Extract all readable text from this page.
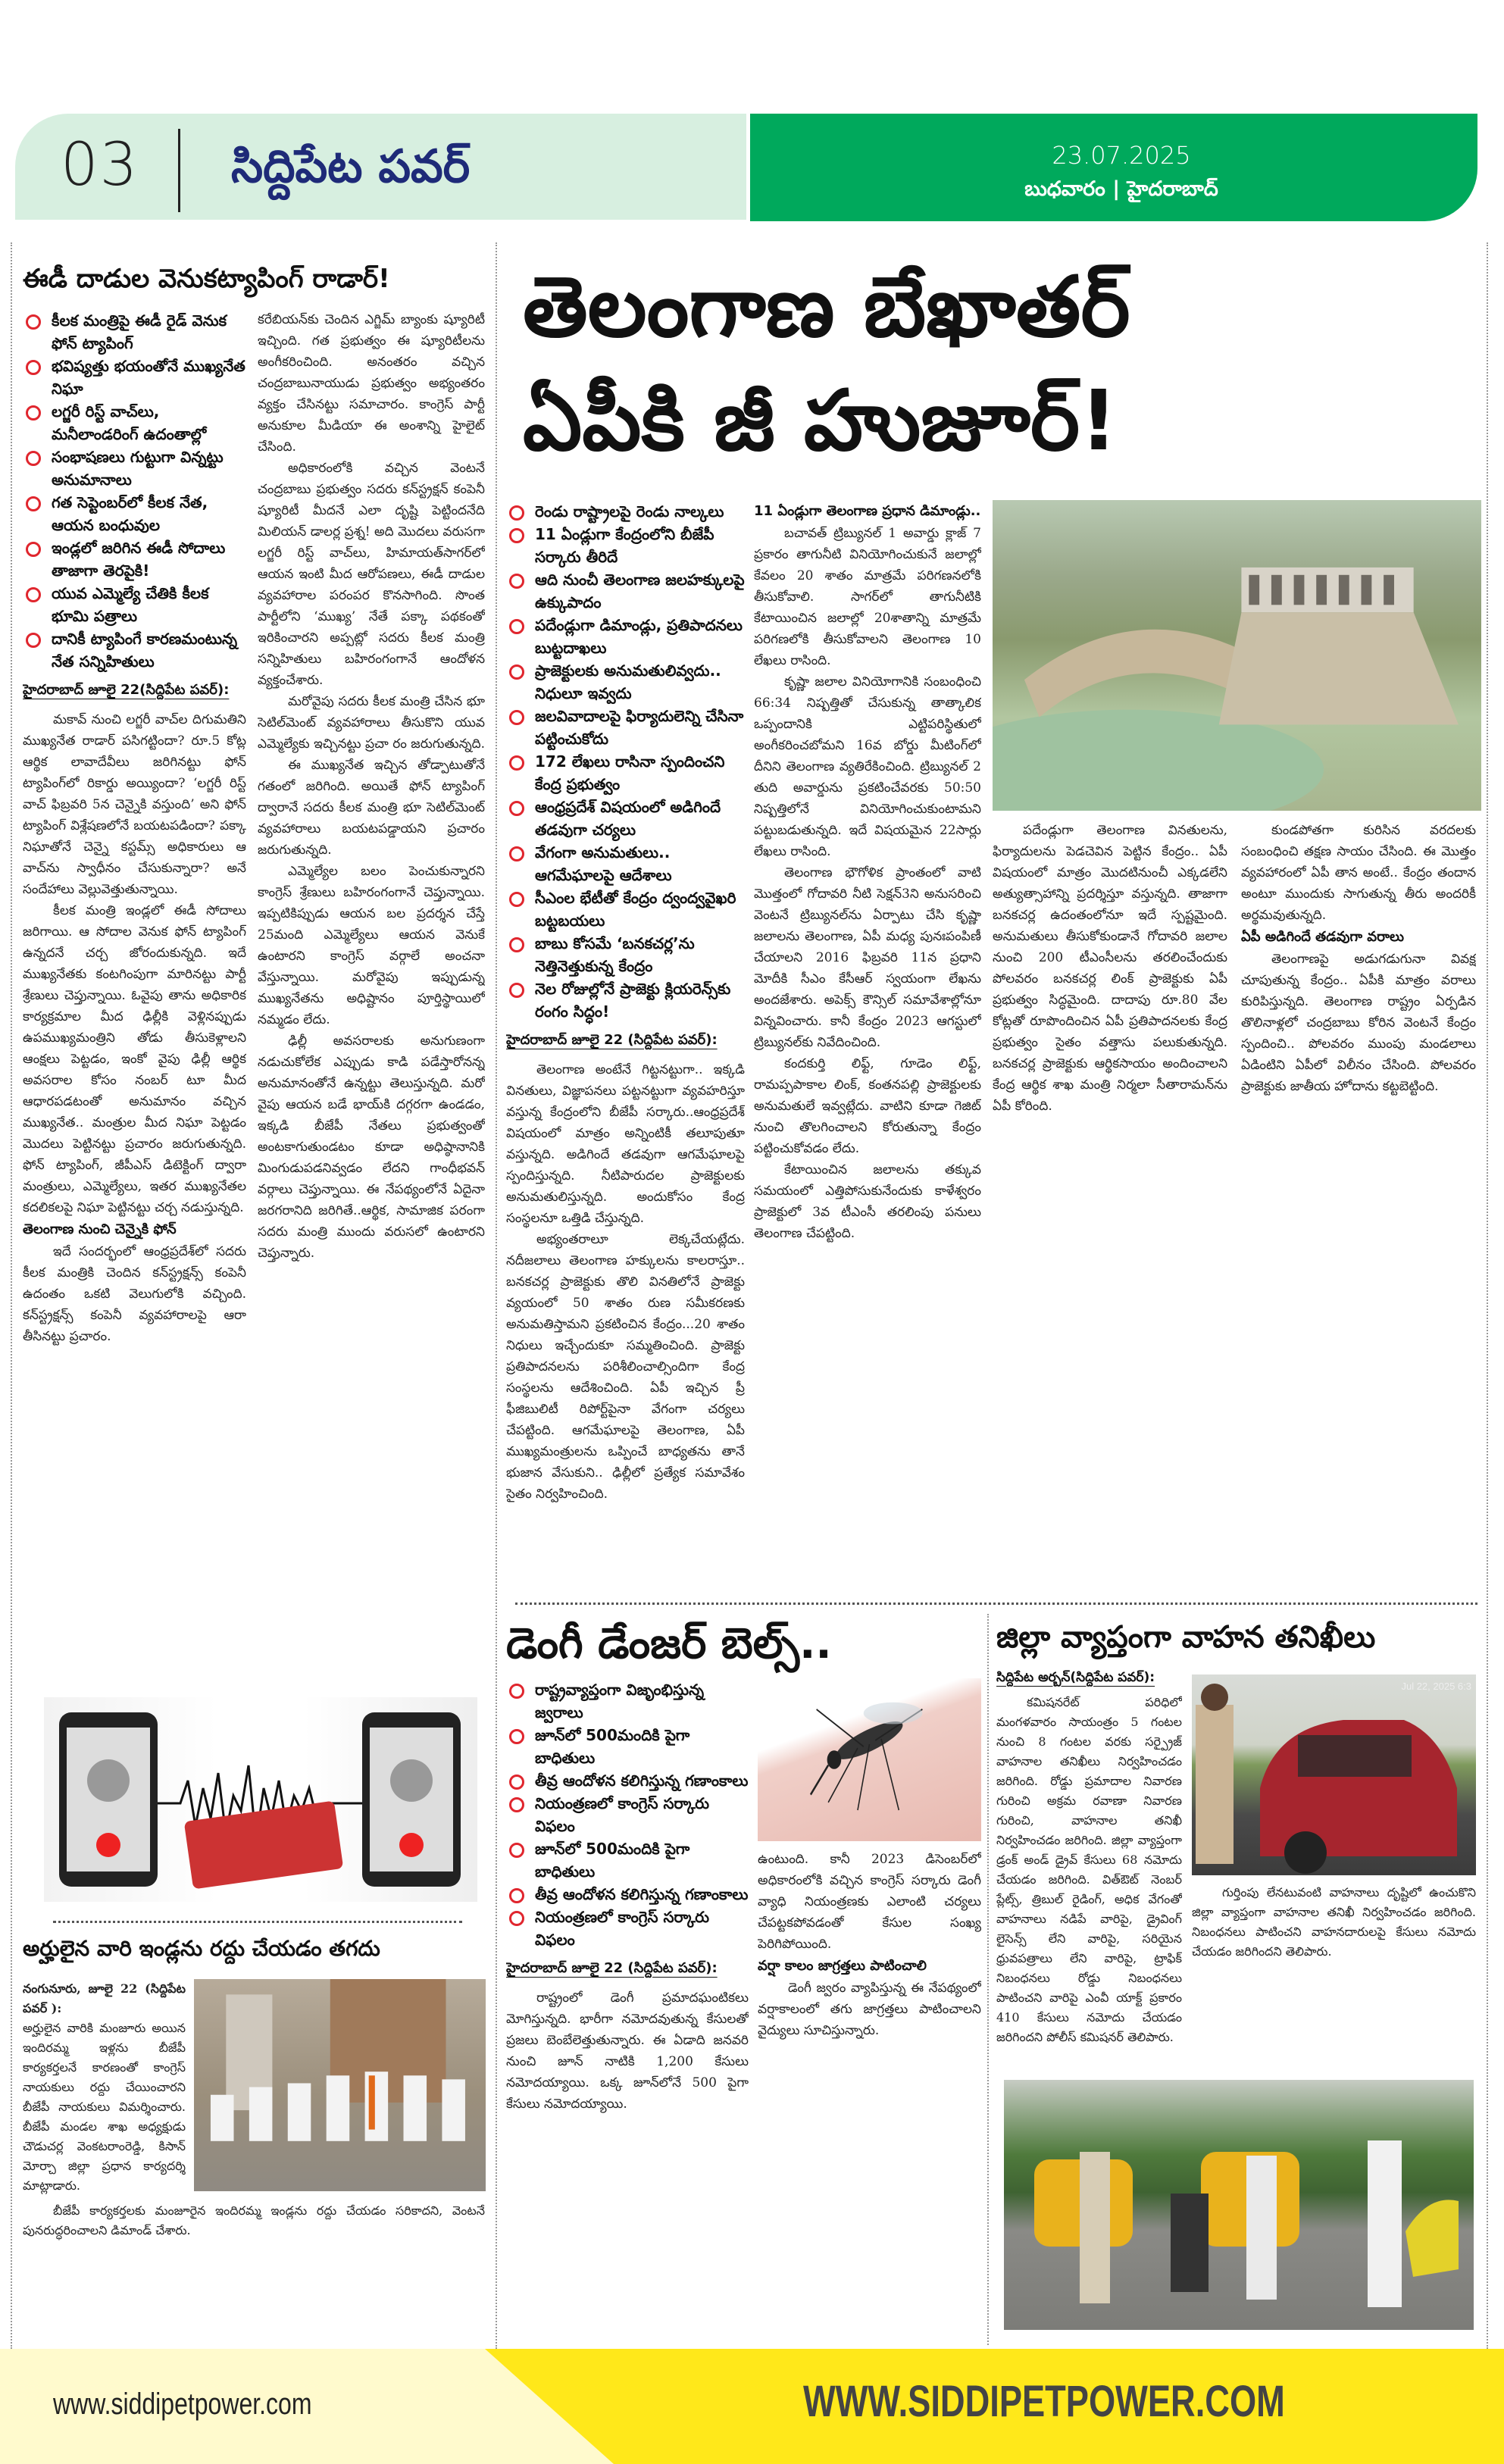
03 సిద్దిపేట పవర్	23.07.2025
బుధవారం | హైదరాబాద్
ఈడీ దాడుల వెనుకట్యాపింగ్ రాడార్!
కీలక మంత్రిపై ఈడీ రైడ్ వెనుక ఫోన్ ట్యాపింగ్
భవిష్యత్తు భయంతోనే ముఖ్యనేత నిఘా
లగ్జరీ రిస్ట్ వాచ్‌లు, మనీలాండరింగ్ ఉదంతాల్లో
సంభాషణలు గుట్టుగా విన్నట్టు అనుమానాలు
గత సెప్టెంబర్‌లో కీలక నేత, ఆయన బంధువుల
ఇండ్లలో జరిగిన ఈడీ సోదాలు తాజాగా తెరపైకి!
యువ ఎమ్మెల్యే చేతికి కీలక భూమి పత్రాలు
దానికీ ట్యాపింగే కారణమంటున్న నేత సన్నిహితులు
హైదరాబాద్ జూలై 22(సిద్దిపేట పవర్):

మకావ్ నుంచి లగ్జరీ వాచ్‌ల దిగుమతిని ముఖ్యనేత రాడార్ పసిగట్టిందా? రూ.5 కోట్ల ఆర్థిక లావాదేవీలు జరిగినట్టు ఫోన్ ట్యాపింగ్‌లో రికార్డు అయ్యిందా? ‘లగ్జరీ రిస్ట్ వాచ్ ఫిబ్రవరి 5న చెన్నైకి వస్తుంది’ అని ఫోన్ ట్యాపింగ్ విశ్లేషణలోనే బయటపడిందా? పక్కా నిఘాతోనే చెన్నై కస్టమ్స్ అధికారులు ఆ వాచ్‌ను స్వాధీనం చేసుకున్నారా? అనే సందేహాలు వెల్లువెత్తుతున్నాయి.

కీలక మంత్రి ఇండ్లలో ఈడీ సోదాలు జరిగాయి. ఆ సోదాల వెనుక ఫోన్ ట్యాపింగ్ ఉన్నదనే చర్చ జోరందుకున్నది. ఇదే ముఖ్యనేతకు కంటగింపుగా మారినట్టు పార్టీ శ్రేణులు చెప్తున్నాయి. ఓవైపు తాను అధికారిక కార్యక్రమాల మీద ఢిల్లీకి వెళ్లినప్పుడు ఉపముఖ్యమంత్రిని తోడు తీసుకెళ్లాలని ఆంక్షలు పెట్టడం, ఇంకో వైపు ఢిల్లీ ఆర్థిక అవసరాల కోసం నంబర్ టూ మీద ఆధారపడటంతో అనుమానం వచ్చిన ముఖ్యనేత.. మంత్రుల మీద నిఘా పెట్టడం మొదలు పెట్టినట్టు ప్రచారం జరుగుతున్నది. ఫోన్ ట్యాపింగ్, జీపీఎస్ డిటెక్టింగ్ ద్వారా మంత్రులు, ఎమ్మెల్యేలు, ఇతర ముఖ్యనేతల కదలికలపై నిఘా పెట్టినట్టు చర్చ నడుస్తున్నది.

తెలంగాణ నుంచి చెన్నైకి ఫోన్

ఇదే సందర్భంలో ఆంధ్రప్రదేశ్‌లో సదరు కీలక మంత్రికి చెందిన కన్‌స్ట్రక్షన్స్ కంపెనీ ఉదంతం ఒకటి వెలుగులోకి వచ్చింది. కన్‌స్ట్రక్షన్స్ కంపెనీ వ్యవహారాలపై ఆరా తీసినట్టు ప్రచారం.

కరేబియన్‌కు చెందిన ఎగ్జిమ్ బ్యాంకు ష్యూరిటీ ఇచ్చింది. గత ప్రభుత్వం ఈ ష్యూరిటీలను అంగీకరించింది. అనంతరం వచ్చిన చంద్రబాబునాయుడు ప్రభుత్వం అభ్యంతరం వ్యక్తం చేసినట్టు సమాచారం. కాంగ్రెస్ పార్టీ అనుకూల మీడియా ఈ అంశాన్ని హైలైట్ చేసింది.

అధికారంలోకి వచ్చిన వెంటనే చంద్రబాబు ప్రభుత్వం సదరు కన్‌స్ట్రక్షన్ కంపెనీ ష్యూరిటీ మీదనే ఎలా దృష్టి పెట్టిందనేది మిలియన్ డాలర్ల ప్రశ్న! అది మొదలు వరుసగా లగ్జరీ రిస్ట్ వాచ్‌లు, హిమాయత్‌సాగర్‌లో ఆయన ఇంటి మీద ఆరోపణలు, ఈడీ దాడుల వ్యవహారాల పరంపర కొనసాగింది. సొంత పార్టీలోని ‘ముఖ్య’ నేతే పక్కా పథకంతో ఇరికించారని అప్పట్లో సదరు కీలక మంత్రి సన్నిహితులు బహిరంగంగానే ఆందోళన వ్యక్తంచేశారు.

మరోవైపు సదరు కీలక మంత్రి చేసిన భూ సెటిల్‌మెంట్ వ్యవహారాలు తీసుకొని యువ ఎమ్మెల్యేకు ఇచ్చినట్టు ప్రచా రం జరుగుతున్నది.

ఈ ముఖ్యనేత ఇచ్చిన తోడ్పాటుతోనే గతంలో జరిగింది. అయితే ఫోన్ ట్యాపింగ్ ద్వారానే సదరు కీలక మంత్రి భూ సెటిల్‌మెంట్ వ్యవహారాలు బయటపడ్డాయని ప్రచారం జరుగుతున్నది.

ఎమ్మెల్యేల బలం పెంచుకున్నారని కాంగ్రెస్ శ్రేణులు బహిరంగంగానే చెప్తున్నాయి. ఇప్పటికిప్పుడు ఆయన బల ప్రదర్శన చేస్తే 25మంది ఎమ్మెల్యేలు ఆయన వెనుకే ఉంటారని కాంగ్రెస్ వర్గాలే అంచనా వేస్తున్నాయి. మరోవైపు ఇప్పుడున్న ముఖ్యనేతను అధిష్టానం పూర్తిస్థాయిలో నమ్మడం లేదు.

ఢిల్లీ అవసరాలకు అనుగుణంగా నడుచుకోలేక ఎప్పుడు కాడి పడేస్తారోనన్న అనుమానంతోనే ఉన్నట్టు తెలుస్తున్నది. మరో వైపు ఆయన బడే భాయ్‌కి దగ్గరగా ఉండడం, ఇక్కడి బీజేపీ నేతలు ప్రభుత్వంతో అంటకాగుతుండటం కూడా అధిష్ఠానానికి మింగుడుపడనివ్వడం లేదని గాంధీభవన్ వర్గాలు చెప్తున్నాయి. ఈ నేపథ్యంలోనే ఏదైనా జరగరానిది జరిగితే..ఆర్థిక, సామాజిక పరంగా సదరు మంత్రి ముందు వరుసలో ఉంటారని చెప్తున్నారు.

అర్హులైన వారి ఇండ్లను రద్దు చేయడం తగదు

నంగునూరు, జూలై 22 (సిద్దిపేట పవర్ ):

అర్హులైన వారికి మంజూరు అయిన ఇందిరమ్మ ఇళ్లను బీజేపీ కార్యకర్తలనే కారణంతో కాంగ్రెస్ నాయకులు రద్దు చేయించారని బీజేపీ నాయకులు విమర్శించారు. బీజేపీ మండల శాఖ అధ్యక్షుడు చౌడుచర్ల వెంకటరాంరెడ్డి, కిసాన్ మోర్చా జిల్లా ప్రధాన కార్యదర్శి మాట్లాడారు.

బీజేపీ కార్యకర్తలకు మంజూరైన ఇందిరమ్మ ఇండ్లను రద్దు చేయడం సరికాదని, వెంటనే పునరుద్ధరించాలని డిమాండ్ చేశారు.

తెలంగాణ బేఖాతర్
ఏపీకి జీ హుజూర్!
రెండు రాష్ట్రాలపై రెండు నాల్కలు
11 ఏండ్లుగా కేంద్రంలోని బీజేపీ సర్కారు తీరిదే
ఆది నుంచీ తెలంగాణ జలహక్కులపై ఉక్కుపాదం
పదేండ్లుగా డిమాండ్లు, ప్రతిపాదనలు బుట్టదాఖలు
ప్రాజెక్టులకు అనుమతులివ్వదు.. నిధులూ ఇవ్వదు
జలవివాదాలపై ఫిర్యాదులెన్ని చేసినా పట్టించుకోదు
172 లేఖలు రాసినా స్పందించని కేంద్ర ప్రభుత్వం
ఆంధ్రప్రదేశ్ విషయంలో అడిగిందే తడవుగా చర్యలు
వేగంగా అనుమతులు.. ఆగమేఘాలపై ఆదేశాలు
సీఎంల భేటీతో కేంద్రం ద్వంద్వవైఖరి బట్టబయలు
బాబు కోసమే ‘బనకచర్ల’ను నెత్తినెత్తుకున్న కేంద్రం
నెల రోజుల్లోనే ప్రాజెక్టు క్లియరెన్స్‌కు రంగం సిద్ధం!
హైదరాబాద్ జూలై 22 (సిద్దిపేట పవర్):

తెలంగాణ అంటేనే గిట్టనట్టుగా.. ఇక్కడి వినతులు, విజ్ఞాపనలు పట్టనట్టుగా వ్యవహరిస్తూ వస్తున్న కేంద్రంలోని బీజేపీ సర్కారు..ఆంధ్రప్రదేశ్ విషయంలో మాత్రం అన్నింటికీ తలూపుతూ వస్తున్నది. అడిగిందే తడవుగా ఆగమేఘాలపై స్పందిస్తున్నది. నీటిపారుదల ప్రాజెక్టులకు అనుమతులిస్తున్నది. అందుకోసం కేంద్ర సంస్థలనూ ఒత్తిడి చేస్తున్నది.

అభ్యంతరాలూ లెక్కచేయట్లేదు. నదీజలాలు తెలంగాణ హక్కులను కాలరాస్తూ.. బనకచర్ల ప్రాజెక్టుకు తొలి వినతిలోనే ప్రాజెక్టు వ్యయంలో 50 శాతం రుణ సమీకరణకు అనుమతిస్తామని ప్రకటించిన కేంద్రం...20 శాతం నిధులు ఇచ్చేందుకూ సమ్మతించింది. ప్రాజెక్టు ప్రతిపాదనలను పరిశీలించాల్సిందిగా కేంద్ర సంస్థలను ఆదేశించింది. ఏపీ ఇచ్చిన ప్రీ ఫీజిబులిటీ రిపోర్ట్‌పైనా వేగంగా చర్యలు చేపట్టింది. ఆగమేఘాలపై తెలంగాణ, ఏపీ ముఖ్యమంత్రులను ఒప్పించే బాధ్యతను తానే భుజాన వేసుకుని.. ఢిల్లీలో ప్రత్యేక సమావేశం సైతం నిర్వహించింది.

11 ఏండ్లుగా తెలంగాణ ప్రధాన డిమాండ్లు..

బచావత్ ట్రిబ్యునల్ 1 అవార్డు క్లాజ్ 7 ప్రకారం తాగునీటి వినియోగించుకునే జలాల్లో కేవలం 20 శాతం మాత్రమే పరిగణనలోకి తీసుకోవాలి. సాగర్‌లో తాగునీటికి కేటాయించిన జలాల్లో 20శాతాన్ని మాత్రమే పరిగణలోకి తీసుకోవాలని తెలంగాణ 10 లేఖలు రాసింది.

కృష్ణా జలాల వినియోగానికి సంబంధించి 66:34 నిష్పత్తితో చేసుకున్న తాత్కాలిక ఒప్పందానికి ఎట్టిపరిస్థితులో అంగీకరించబోమని 16వ బోర్డు మీటింగ్‌లో దీనిని తెలంగాణ వ్యతిరేకించింది. ట్రిబ్యునల్ 2 తుది అవార్డును ప్రకటించేవరకు 50:50 నిష్పత్తిలోనే వినియోగించుకుంటామని పట్టుబడుతున్నది. ఇదే విషయమైన 22సార్లు లేఖలు రాసింది.

తెలంగాణ భౌగోళిక ప్రాంతంలో వాటి మొత్తంలో గోదావరి నీటి సెక్షన్3ని అనుసరించి వెంటనే ట్రిబ్యునల్‌ను ఏర్పాటు చేసి కృష్ణా జలాలను తెలంగాణ, ఏపీ మధ్య పునఃపంపిణీ చేయాలని 2016 ఫిబ్రవరి 11న ప్రధాని మోదీకి సీఎం కేసీఆర్ స్వయంగా లేఖను అందజేశారు. అపెక్స్ కౌన్సిల్ సమావేశాల్లోనూ విన్నవించారు. కానీ కేంద్రం 2023 ఆగస్టులో ట్రిబ్యునల్‌కు నివేదించింది.

కందకుర్తి లిఫ్ట్, గూడెం లిఫ్ట్, రామప్పపాకాల లింక్, కంతనపల్లి ప్రాజెక్టులకు అనుమతులే ఇవ్వట్లేదు. వాటిని కూడా గెజిట్ నుంచి తొలగించాలని కోరుతున్నా కేంద్రం పట్టించుకోవడం లేదు.

కేటాయించిన జలాలను తక్కువ సమయంలో ఎత్తిపోసుకునేందుకు కాళేశ్వరం ప్రాజెక్టులో 3వ టీఎంసీ తరలింపు పనులు తెలంగాణ చేపట్టింది.

పదేండ్లుగా తెలంగాణ వినతులను, ఫిర్యాదులను పెడచెవిన పెట్టిన కేంద్రం.. ఏపీ విషయంలో మాత్రం మొదటినుంచీ ఎక్కడలేని అత్యుత్సాహాన్ని ప్రదర్శిస్తూ వస్తున్నది. తాజాగా బనకచర్ల ఉదంతంలోనూ ఇదే స్పష్టమైంది. అనుమతులు తీసుకోకుండానే గోదావరి జలాల నుంచి 200 టీఎంసీలను తరలించేందుకు పోలవరం బనకచర్ల లింక్ ప్రాజెక్టుకు ఏపీ ప్రభుత్వం సిద్ధమైంది. దాదాపు రూ.80 వేల కోట్లతో రూపొందించిన ఏపీ ప్రతిపాదనలకు కేంద్ర ప్రభుత్వం సైతం వత్తాసు పలుకుతున్నది. బనకచర్ల ప్రాజెక్టుకు ఆర్థికసాయం అందించాలని కేంద్ర ఆర్థిక శాఖ మంత్రి నిర్మలా సీతారామన్‌ను ఏపీ కోరింది.

కుండపోతగా కురిసిన వరదలకు సంబంధించి తక్షణ సాయం చేసింది. ఈ మొత్తం వ్యవహారంలో ఏపీ తాన అంటే.. కేంద్రం తందాన అంటూ ముందుకు సాగుతున్న తీరు అందరికీ అర్థమవుతున్నది.

ఏపీ అడిగిందే తడవుగా వరాలు

తెలంగాణపై అడుగడుగునా వివక్ష చూపుతున్న కేంద్రం.. ఏపీకి మాత్రం వరాలు కురిపిస్తున్నది. తెలంగాణ రాష్ట్రం ఏర్పడిన తొలినాళ్లలో చంద్రబాబు కోరిన వెంటనే కేంద్రం స్పందించి.. పోలవరం ముంపు మండలాలు ఏడింటిని ఏపీలో విలీనం చేసింది. పోలవరం ప్రాజెక్టుకు జాతీయ హోదాను కట్టబెట్టింది.

డెంగీ డేంజర్ బెల్స్..
రాష్ట్రవ్యాప్తంగా విజృంభిస్తున్న జ్వరాలు
జూన్‌లో 500మందికి పైగా బాధితులు
తీవ్ర ఆందోళన కలిగిస్తున్న గణాంకాలు
నియంత్రణలో కాంగ్రెస్ సర్కారు విఫలం
జూన్‌లో 500మందికి పైగా బాధితులు
తీవ్ర ఆందోళన కలిగిస్తున్న గణాంకాలు
నియంత్రణలో కాంగ్రెస్ సర్కారు విఫలం
హైదరాబాద్ జూలై 22 (సిద్దిపేట పవర్):

రాష్ట్రంలో డెంగీ ప్రమాదఘంటికలు మోగిస్తున్నది. భారీగా నమోదవుతున్న కేసులతో ప్రజలు బెంబేలెత్తుతున్నారు. ఈ ఏడాది జనవరి నుంచి జూన్ నాటికి 1,200 కేసులు నమోదయ్యాయి. ఒక్క జూన్‌లోనే 500 పైగా కేసులు నమోదయ్యాయి.

ఉంటుంది. కానీ 2023 డిసెంబర్‌లో అధికారంలోకి వచ్చిన కాంగ్రెస్ సర్కారు డెంగీ వ్యాధి నియంత్రణకు ఎలాంటి చర్యలు చేపట్టకపోవడంతో కేసుల సంఖ్య పెరిగిపోయింది.

వర్షా కాలం జాగ్రత్తలు పాటించాలి

డెంగీ జ్వరం వ్యాపిస్తున్న ఈ నేపథ్యంలో వర్షాకాలంలో తగు జాగ్రత్తలు పాటించాలని వైద్యులు సూచిస్తున్నారు.

జిల్లా వ్యాప్తంగా వాహన తనిఖీలు
సిద్దిపేట అర్బన్(సిద్దిపేట పవర్):

కమిషనరేట్ పరిధిలో మంగళవారం సాయంత్రం 5 గంటల నుంచి 8 గంటల వరకు సర్ప్రైజ్ వాహనాల తనిఖీలు నిర్వహించడం జరిగింది. రోడ్డు ప్రమాదాల నివారణ గురించి అక్రమ రవాణా నివారణ గురించి, వాహనాల తనిఖీ నిర్వహించడం జరిగింది. జిల్లా వ్యాప్తంగా డ్రంక్ అండ్ డ్రైవ్ కేసులు 68 నమోదు చేయడం జరిగింది. విత్‌ఔట్ నెంబర్ ప్లేట్స్, త్రిబుల్ రైడింగ్, అధిక వేగంతో వాహనాలు నడిపే వారిపై, డ్రైవింగ్ లైసెన్స్ లేని వారిపై, సరియైన ధ్రువపత్రాలు లేని వారిపై, ట్రాఫిక్ నిబంధనలు రోడ్డు నిబంధనలు పాటించని వారిపై ఎంవీ యాక్ట్ ప్రకారం 410 కేసులు నమోదు చేయడం జరిగిందని పోలీస్ కమిషనర్ తెలిపారు.

Jul 22, 2025 6:3

గుర్తింపు లేనటువంటి వాహనాలు దృష్టిలో ఉంచుకొని జిల్లా వ్యాప్తంగా వాహనాల తనిఖీ నిర్వహించడం జరిగింది. నిబంధనలు పాటించని వాహనదారులపై కేసులు నమోదు చేయడం జరిగిందని తెలిపారు.

www.siddipetpower.com	WWW.SIDDIPETPOWER.COM
